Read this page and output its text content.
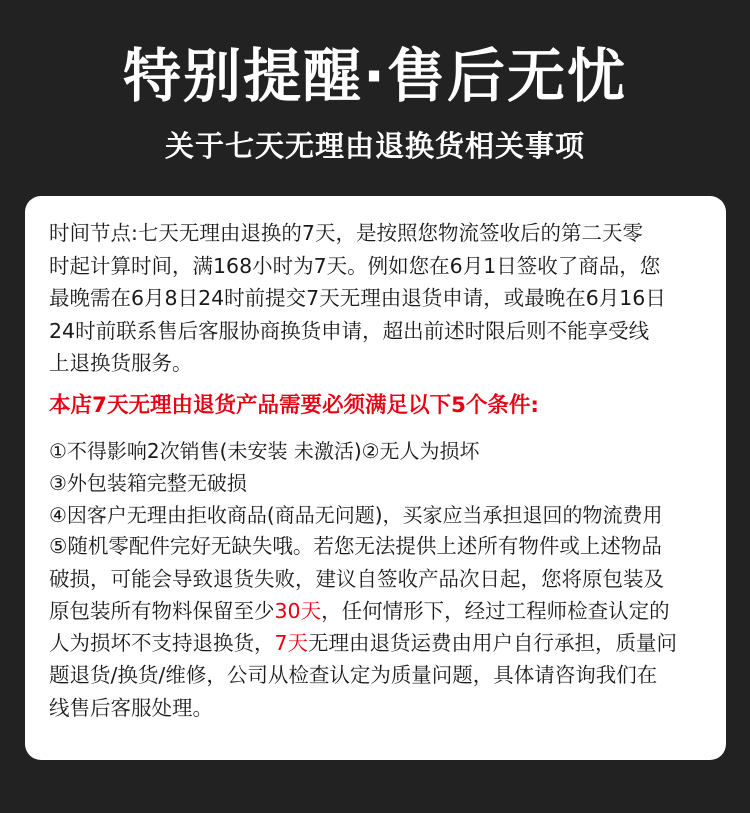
特别提醒·售后无忧
关于七天无理由退换货相关事项
时间节点:七天无理由退换的7天，是按照您物流签收后的第二天零
时起计算时间，满168小时为7天。例如您在6月1日签收了商品，您
最晚需在6月8日24时前提交7天无理由退货申请，或最晚在6月16日
24时前联系售后客服协商换货申请，超出前述时限后则不能享受线
上退换货服务。
本店7天无理由退货产品需要必须满足以下5个条件:
①不得影响2次销售(未安装 未激活)②无人为损坏
③外包装箱完整无破损
④因客户无理由拒收商品(商品无问题)，买家应当承担退回的物流费用
⑤随机零配件完好无缺失哦。若您无法提供上述所有物件或上述物品
破损，可能会导致退货失败，建议自签收产品次日起，您将原包装及
原包装所有物料保留至少30天，任何情形下，经过工程师检查认定的
人为损坏不支持退换货，7天无理由退货运费由用户自行承担，质量问
题退货/换货/维修，公司从检查认定为质量问题，具体请咨询我们在
线售后客服处理。
